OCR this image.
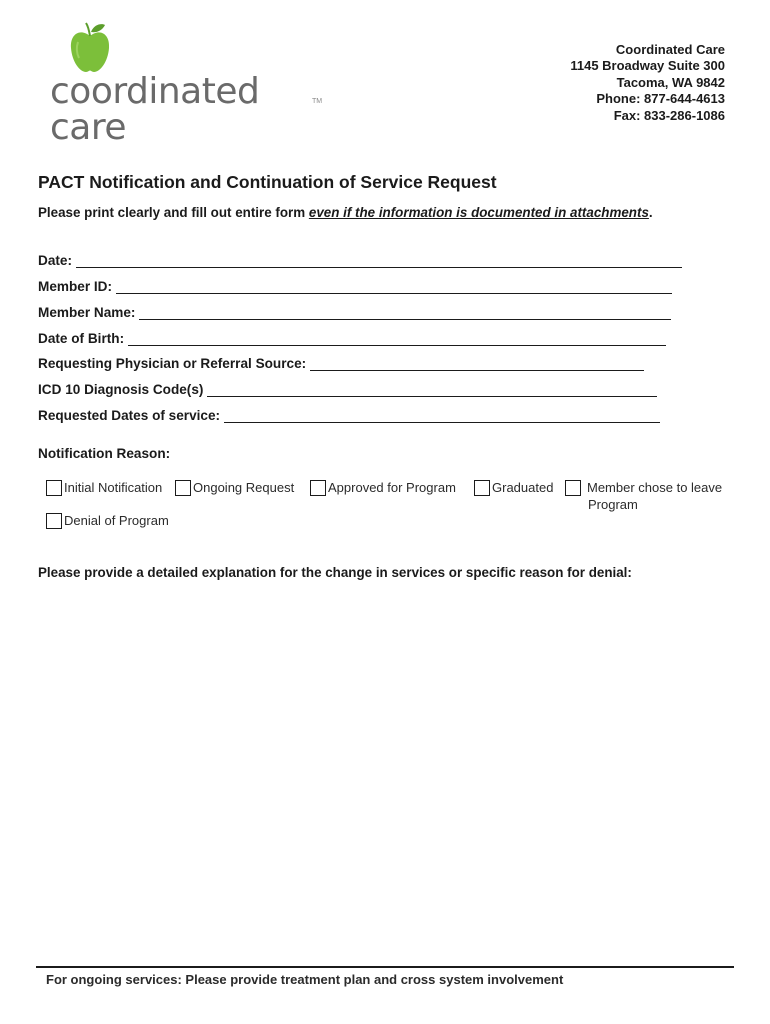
coordinated care
TM
Coordinated Care
1145 Broadway Suite 300
Tacoma, WA 9842
Phone: 877-644-4613
Fax: 833-286-1086
PACT Notification and Continuation of Service Request
Please print clearly and fill out entire form even if the information is documented in attachments.
Date:
Member ID:
Member Name:
Date of Birth:
Requesting Physician or Referral Source:
ICD 10 Diagnosis Code(s)
Requested Dates of service:
Notification Reason:
Initial Notification	Ongoing Request	Approved for Program	Graduated	Member chose to leave
Program
Denial of Program
Please provide a detailed explanation for the change in services or specific reason for denial:
For ongoing services: Please provide treatment plan and cross system involvement
